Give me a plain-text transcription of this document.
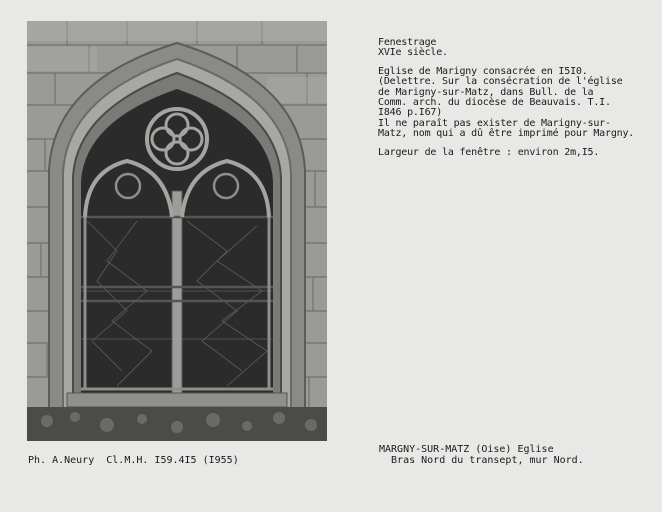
Fenestrage
XVIe siècle.
Eglise de Marigny consacrée en I5I0.
(Delettre. Sur la consécration de l'église
de Marigny-sur-Matz, dans Bull. de la
Comm. arch. du diocèse de Beauvais. T.I.
I846 p.I67)
Il ne paraît pas exister de Marigny-sur-
Matz, nom qui a dû être imprimé pour Margny.
Largeur de la fenêtre : environ 2m,I5.
Ph. A.Neury  Cl.M.H. I59.4I5 (I955)
MARGNY-SUR-MATZ (Oise) Eglise
Bras Nord du transept, mur Nord.
